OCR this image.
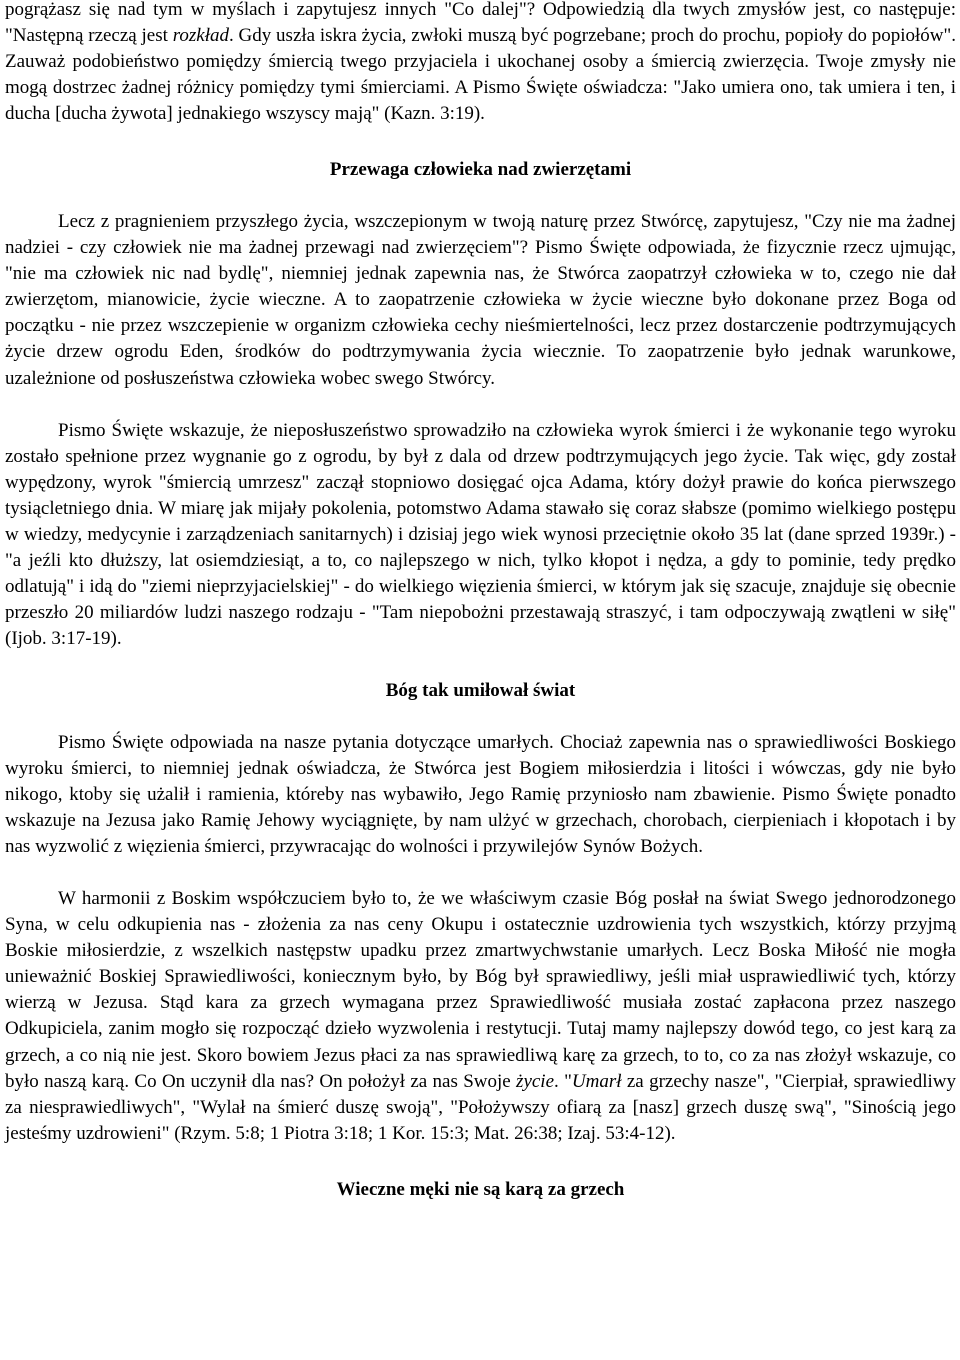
pogrążasz się nad tym w myślach i zapytujesz innych "Co dalej"? Odpowiedzią dla twych zmysłów jest, co następuje: "Następną rzeczą jest rozkład. Gdy uszła iskra życia, zwłoki muszą być pogrzebane; proch do prochu, popioły do popiołów". Zauważ podobieństwo pomiędzy śmiercią twego przyjaciela i ukochanej osoby a śmiercią zwierzęcia. Twoje zmysły nie mogą dostrzec żadnej różnicy pomiędzy tymi śmierciami. A Pismo Święte oświadcza: "Jako umiera ono, tak umiera i ten, i ducha [ducha żywota] jednakiego wszyscy mają" (Kazn. 3:19).

Przewaga człowieka nad zwierzętami

Lecz z pragnieniem przyszłego życia, wszczepionym w twoją naturę przez Stwórcę, zapytujesz, "Czy nie ma żadnej nadziei - czy człowiek nie ma żadnej przewagi nad zwierzęciem"? Pismo Święte odpowiada, że fizycznie rzecz ujmując, "nie ma człowiek nic nad bydlę", niemniej jednak zapewnia nas, że Stwórca zaopatrzył człowieka w to, czego nie dał zwierzętom, mianowicie, życie wieczne. A to zaopatrzenie człowieka w życie wieczne było dokonane przez Boga od początku - nie przez wszczepienie w organizm człowieka cechy nieśmiertelności, lecz przez dostarczenie podtrzymujących życie drzew ogrodu Eden, środków do podtrzymywania życia wiecznie. To zaopatrzenie było jednak warunkowe, uzależnione od posłuszeństwa człowieka wobec swego Stwórcy.

Pismo Święte wskazuje, że nieposłuszeństwo sprowadziło na człowieka wyrok śmierci i że wykonanie tego wyroku zostało spełnione przez wygnanie go z ogrodu, by był z dala od drzew podtrzymujących jego życie. Tak więc, gdy został wypędzony, wyrok "śmiercią umrzesz" zaczął stopniowo dosięgać ojca Adama, który dożył prawie do końca pierwszego tysiącletniego dnia. W miarę jak mijały pokolenia, potomstwo Adama stawało się coraz słabsze (pomimo wielkiego postępu w wiedzy, medycynie i zarządzeniach sanitarnych) i dzisiaj jego wiek wynosi przeciętnie około 35 lat (dane sprzed 1939r.) - "a jeźli kto dłuższy, lat osiemdziesiąt, a to, co najlepszego w nich, tylko kłopot i nędza, a gdy to pominie, tedy prędko odlatują" i idą do "ziemi nieprzyjacielskiej" - do wielkiego więzienia śmierci, w którym jak się szacuje, znajduje się obecnie przeszło 20 miliardów ludzi naszego rodzaju - "Tam niepobożni przestawają straszyć, i tam odpoczywają zwątleni w siłę" (Ijob. 3:17-19).

Bóg tak umiłował świat

Pismo Święte odpowiada na nasze pytania dotyczące umarłych. Chociaż zapewnia nas o sprawiedliwości Boskiego wyroku śmierci, to niemniej jednak oświadcza, że Stwórca jest Bogiem miłosierdzia i litości i wówczas, gdy nie było nikogo, ktoby się użalił i ramienia, któreby nas wybawiło, Jego Ramię przyniosło nam zbawienie. Pismo Święte ponadto wskazuje na Jezusa jako Ramię Jehowy wyciągnięte, by nam ulżyć w grzechach, chorobach, cierpieniach i kłopotach i by nas wyzwolić z więzienia śmierci, przywracając do wolności i przywilejów Synów Bożych.

W harmonii z Boskim współczuciem było to, że we właściwym czasie Bóg posłał na świat Swego jednorodzonego Syna, w celu odkupienia nas - złożenia za nas ceny Okupu i ostatecznie uzdrowienia tych wszystkich, którzy przyjmą Boskie miłosierdzie, z wszelkich następstw upadku przez zmartwychwstanie umarłych. Lecz Boska Miłość nie mogła unieważnić Boskiej Sprawiedliwości, koniecznym było, by Bóg był sprawiedliwy, jeśli miał usprawiedliwić tych, którzy wierzą w Jezusa. Stąd kara za grzech wymagana przez Sprawiedliwość musiała zostać zapłacona przez naszego Odkupiciela, zanim mogło się rozpocząć dzieło wyzwolenia i restytucji. Tutaj mamy najlepszy dowód tego, co jest karą za grzech, a co nią nie jest. Skoro bowiem Jezus płaci za nas sprawiedliwą karę za grzech, to to, co za nas złożył wskazuje, co było naszą karą. Co On uczynił dla nas? On położył za nas Swoje życie. "Umarł za grzechy nasze", "Cierpiał, sprawiedliwy za niesprawiedliwych", "Wylał na śmierć duszę swoją", "Położywszy ofiarą za [nasz] grzech duszę swą", "Sinością jego jesteśmy uzdrowieni" (Rzym. 5:8; 1 Piotra 3:18; 1 Kor. 15:3; Mat. 26:38; Izaj. 53:4-12).

Wieczne męki nie są karą za grzech
